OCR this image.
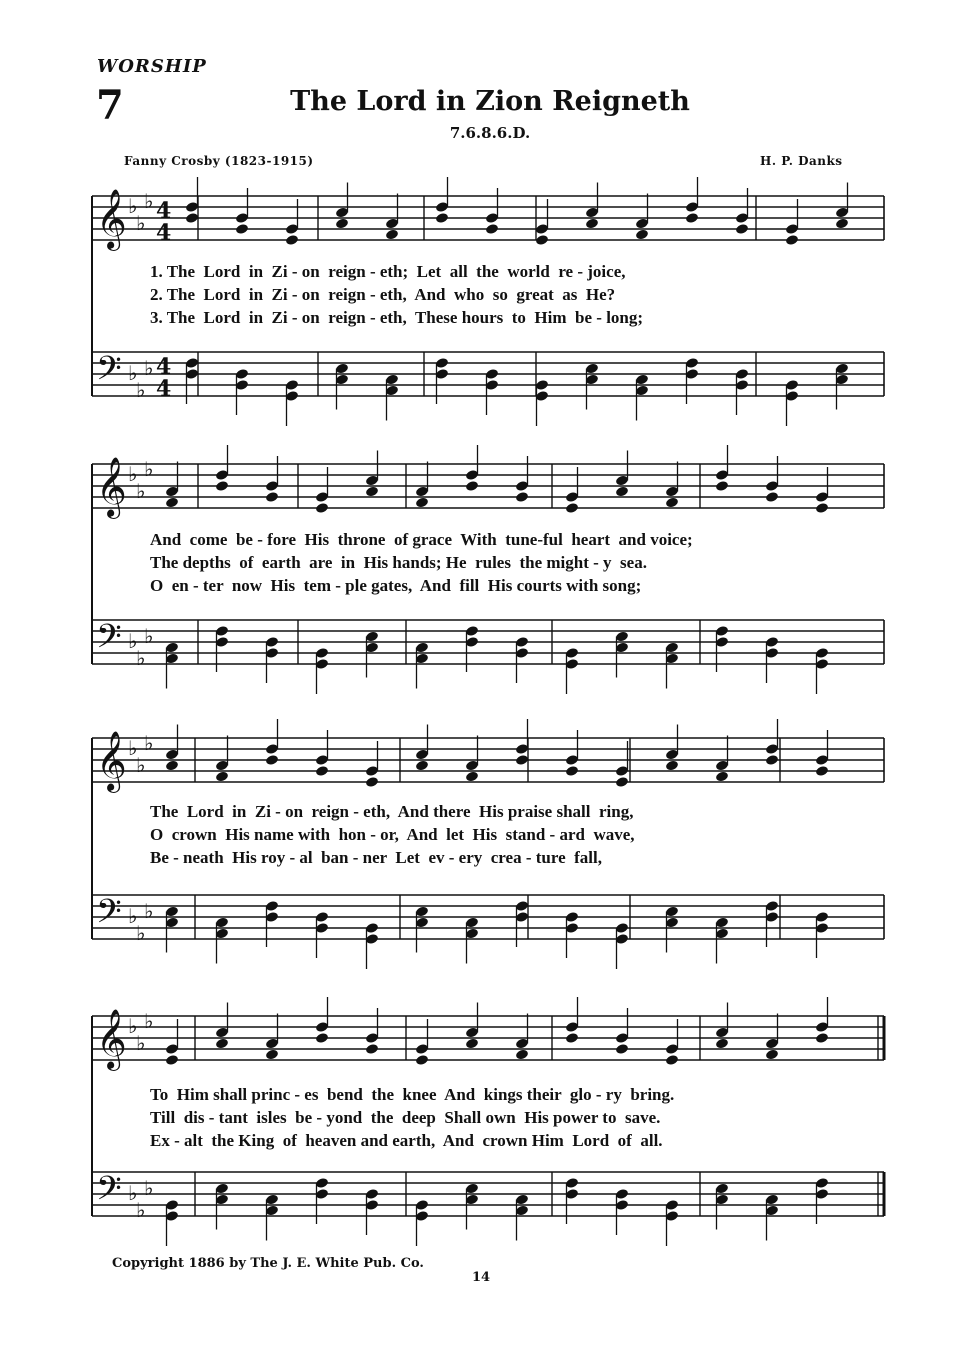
WORSHIP
7	The Lord in Zion Reigneth
7.6.8.6.D.
Fanny Crosby (1823-1915)	H. P. Danks
𝄞 ♭
♭
♭ 4
4
𝄢 ♭
♭
♭ 4
4
𝄞 ♭
♭
♭
𝄢 ♭
♭
♭
𝄞 ♭
♭
♭
𝄢 ♭
♭
♭
𝄞 ♭
♭
♭
𝄢 ♭
♭
♭
1. The  Lord  in  Zi - on  reign - eth;  Let  all  the  world  re - joice,
2. The  Lord  in  Zi - on  reign - eth,  And  who  so  great  as  He?
3. The  Lord  in  Zi - on  reign - eth,  These hours  to  Him  be - long;
And  come  be - fore  His  throne  of grace  With  tune-ful  heart  and voice;
The depths  of  earth  are  in  His hands; He  rules  the might - y  sea.
O  en - ter  now  His  tem - ple gates,  And  fill  His courts with song;
The  Lord  in  Zi - on  reign - eth,  And there  His praise shall  ring,
O  crown  His name with  hon - or,  And  let  His  stand - ard  wave,
Be - neath  His roy - al  ban - ner  Let  ev - ery  crea - ture  fall,
To  Him shall princ - es  bend  the  knee  And  kings their  glo - ry  bring.
Till  dis - tant  isles  be - yond  the  deep  Shall own  His power to  save.
Ex - alt  the King  of  heaven and earth,  And  crown Him  Lord  of  all.
Copyright 1886 by The J. E. White Pub. Co.
14
